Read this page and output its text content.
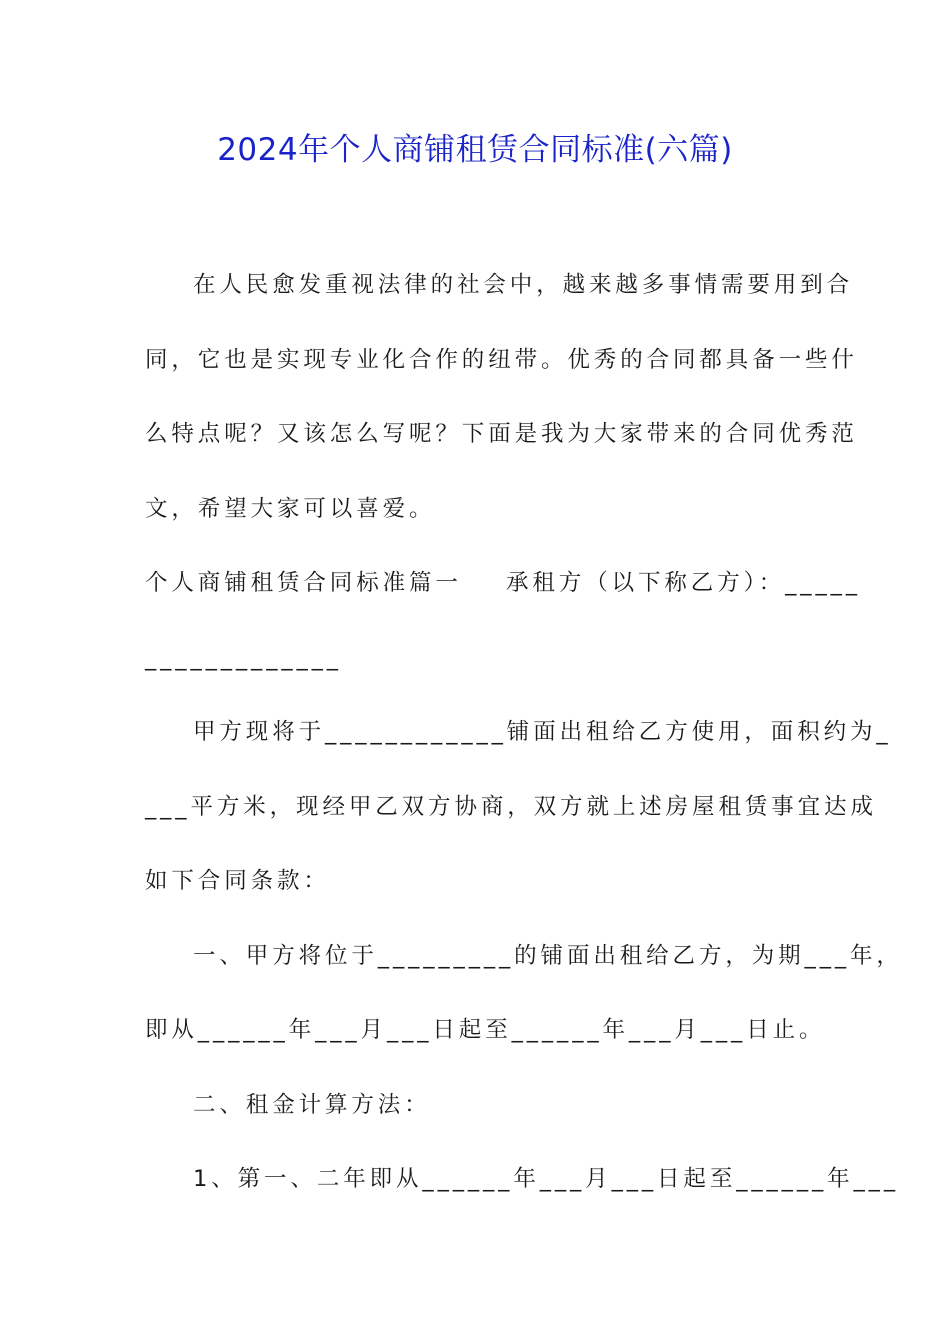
2024年个人商铺租赁合同标准(六篇)
在人民愈发重视法律的社会中，越来越多事情需要用到合
同，它也是实现专业化合作的纽带。优秀的合同都具备一些什
么特点呢？又该怎么写呢？下面是我为大家带来的合同优秀范
文，希望大家可以喜爱。
个人商铺租赁合同标准篇一    承租方（以下称乙方）：_____
_____________
甲方现将于____________铺面出租给乙方使用，面积约为_
___平方米，现经甲乙双方协商，双方就上述房屋租赁事宜达成
如下合同条款：
一、甲方将位于_________的铺面出租给乙方，为期___年，
即从______年___月___日起至______年___月___日止。
二、租金计算方法：
1、第一、二年即从______年___月___日起至______年___
